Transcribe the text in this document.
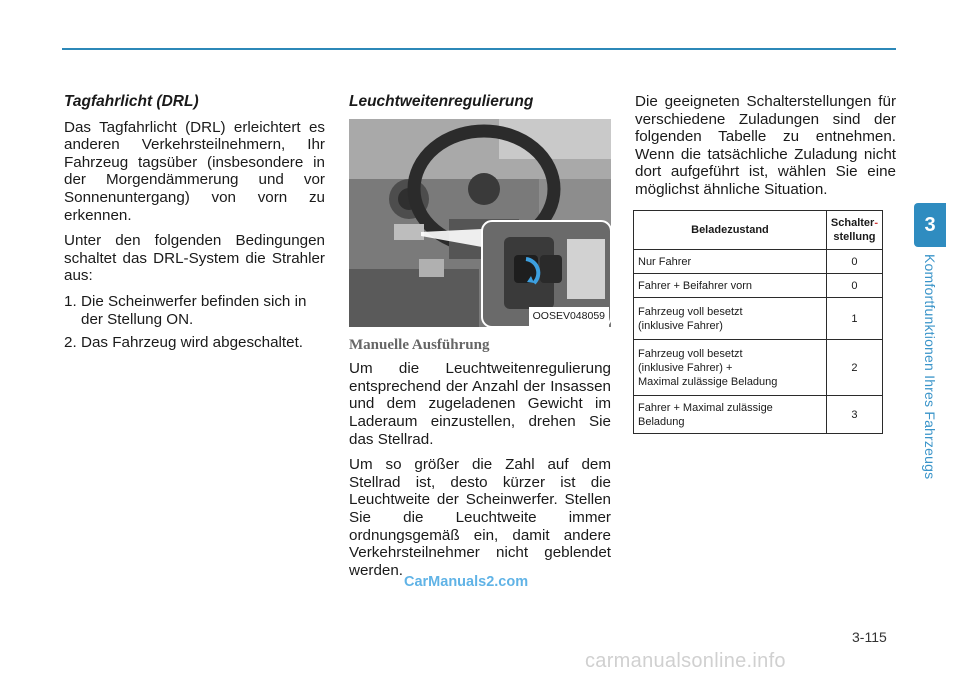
Tagfahrlicht (DRL)

Das Tagfahrlicht (DRL) erleichtert es anderen Verkehrsteilnehmern, Ihr Fahrzeug tagsüber (insbesondere in der Morgendämmerung und vor Sonnenuntergang) von vorn zu erkennen.

Unter den folgenden Bedingungen schaltet das DRL-System die Strahler aus:

1. Die Scheinwerfer befinden sich in der Stellung ON.
2. Das Fahrzeug wird abgeschaltet.
Leuchtweitenregulierung
OOSEV048059
Manuelle Ausführung

Um die Leuchtweitenregulierung entsprechend der Anzahl der Insassen und dem zugeladenen Gewicht im Laderaum einzustellen, drehen Sie das Stellrad.

Um so größer die Zahl auf dem Stellrad ist, desto kürzer ist die Leuchtweite der Scheinwerfer. Stellen Sie die Leuchtweite immer ordnungsgemäß ein, damit andere Verkehrsteilnehmer nicht geblendet werden.

Die geeigneten Schalterstellungen für verschiedene Zuladungen sind der folgenden Tabelle zu entnehmen. Wenn die tatsächliche Zuladung nicht dort aufgeführt ist, wählen Sie eine möglichst ähnliche Situation.

Beladezustand	Schalter-
stellung
Nur Fahrer	0
Fahrer + Beifahrer vorn	0
Fahrzeug voll besetzt
(inklusive Fahrer)	1
Fahrzeug voll besetzt
(inklusive Fahrer) +
Maximal zulässige Beladung	2
Fahrer + Maximal zulässige
Beladung	3
3
Komfortfunktionen Ihres Fahrzeugs
CarManuals2.com
3-115
carmanualsonline.info
